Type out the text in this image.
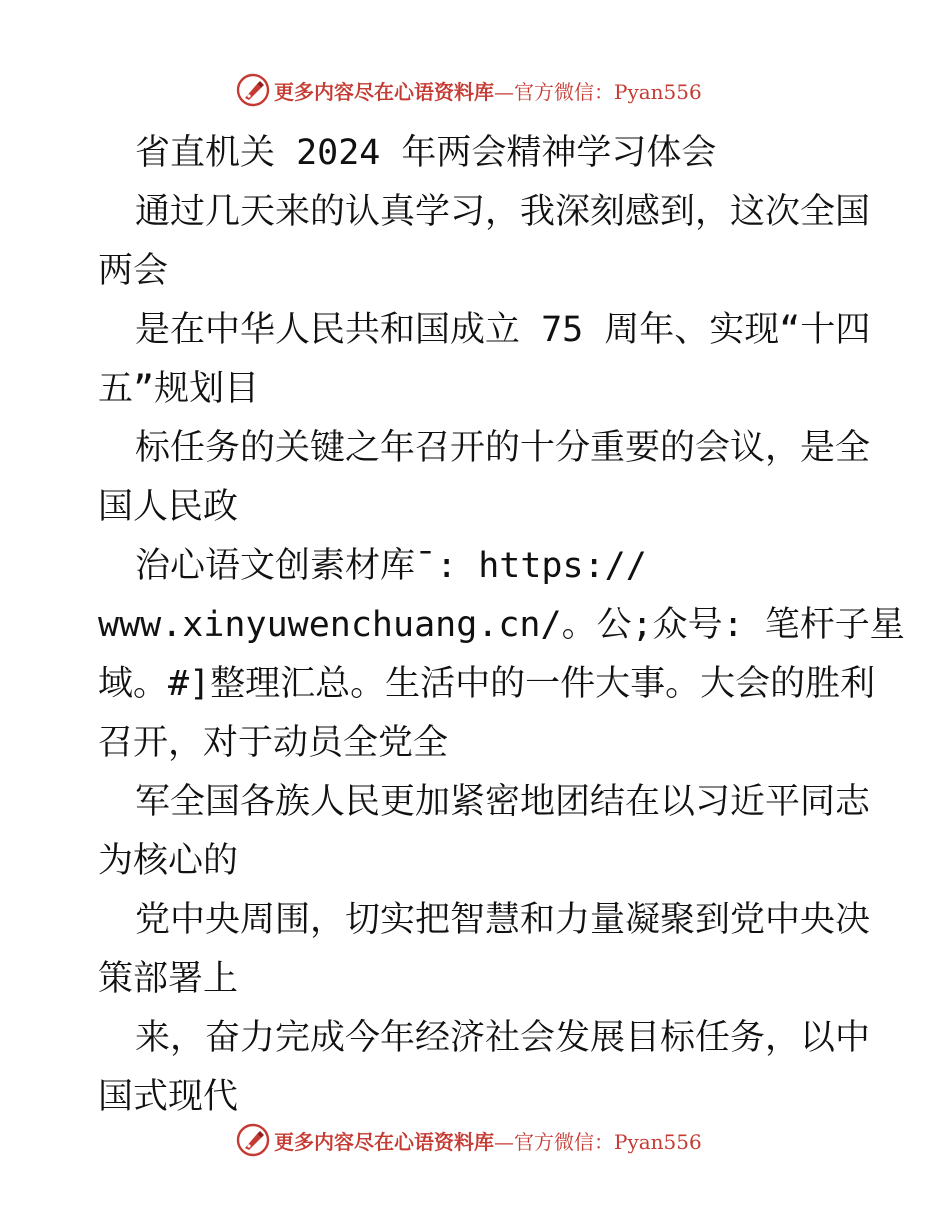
更多内容尽在心语资料库—官方微信：Pyan556
省直机关 2024 年两会精神学习体会
通过几天来的认真学习，我深刻感到，这次全国
两会
是在中华人民共和国成立 75 周年、实现“十四
五”规划目
标任务的关键之年召开的十分重要的会议，是全
国人民政
治心语文创素材库¯: https://
www.xinyuwenchuang.cn/。公;众号: 笔杆子星
域。#]整理汇总。生活中的一件大事。大会的胜利
召开，对于动员全党全
军全国各族人民更加紧密地团结在以习近平同志
为核心的
党中央周围，切实把智慧和力量凝聚到党中央决
策部署上
来，奋力完成今年经济社会发展目标任务，以中
国式现代
更多内容尽在心语资料库—官方微信：Pyan556
